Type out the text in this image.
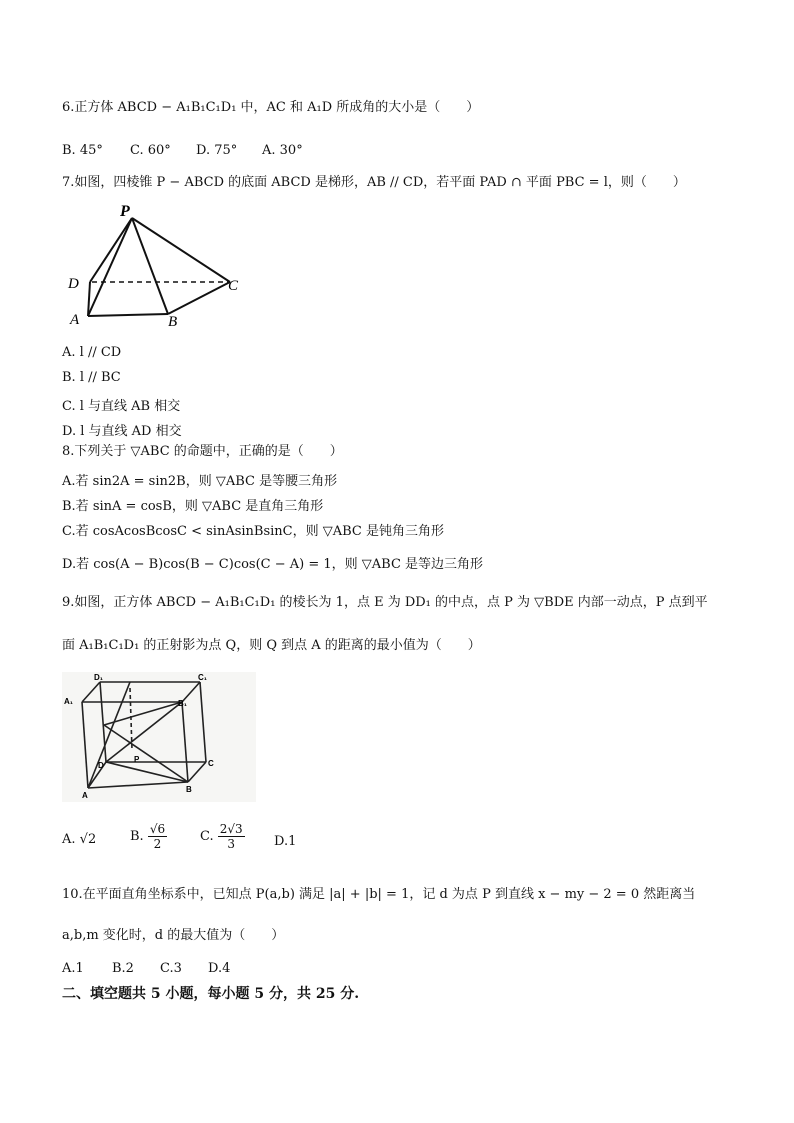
6.正方体 ABCD − A₁B₁C₁D₁ 中，AC 和 A₁D 所成角的大小是（　　）
B. 45° C. 60° D. 75° A. 30°
7.如图，四棱锥 P − ABCD 的底面 ABCD 是梯形，AB // CD，若平面 PAD ∩ 平面 PBC = l，则（　　）
P
D	C
A	B
A. l // CD
B. l // BC
C. l 与直线 AB 相交
D. l 与直线 AD 相交
8.下列关于 ▽ABC 的命题中，正确的是（　　）
A.若 sin2A = sin2B，则 ▽ABC 是等腰三角形
B.若 sinA = cosB，则 ▽ABC 是直角三角形
C.若 cosAcosBcosC < sinAsinBsinC，则 ▽ABC 是钝角三角形
D.若 cos(A − B)cos(B − C)cos(C − A) = 1，则 ▽ABC 是等边三角形
9.如图，正方体 ABCD − A₁B₁C₁D₁ 的棱长为 1，点 E 为 DD₁ 的中点，点 P 为 ▽BDE 内部一动点，P 点到平
面 A₁B₁C₁D₁ 的正射影为点 Q，则 Q 到点 A 的距离的最小值为（　　）
A₁
D₁	C₁
B₁
D	C
A
B
P
A. √2	B. $\frac{√6}{2}$	C. $\frac{2√3}{3} D.1$
10.在平面直角坐标系中，已知点 P(a,b) 满足 |a| + |b| = 1，记 d 为点 P 到直线 x − my − 2 = 0 然距离当
a,b,m 变化时，d 的最大值为（　　）
A.1 B.2 C.3 D.4
二、填空题共 5 小题，每小题 5 分，共 25 分.
